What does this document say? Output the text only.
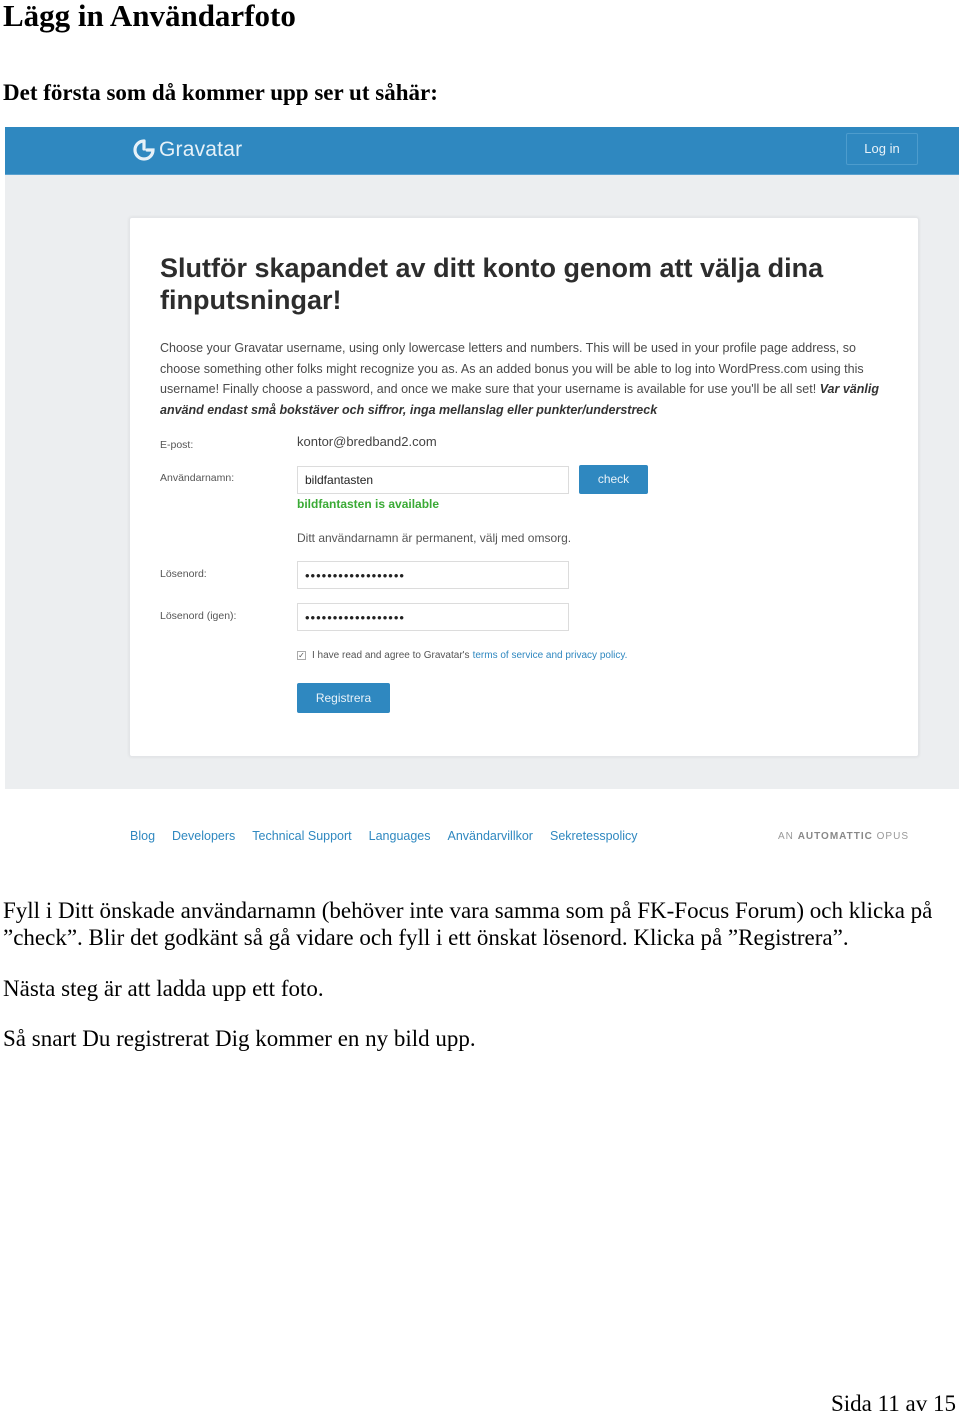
Lägg in Användarfoto

Det första som då kommer upp ser ut såhär:

Gravatar	Log in
Slutför skapandet av ditt konto genom att välja dina finputsningar!

Choose your Gravatar username, using only lowercase letters and numbers. This will be used in your profile page address, so choose something other folks might recognize you as. As an added bonus you will be able to log into WordPress.com using this username! Finally choose a password, and once we make sure that your username is available for use you'll be all set! Var vänlig använd endast små bokstäver och siffror, inga mellanslag eller punkter/understreck

E-post:	kontor@bredband2.com
Användarnamn:	bildfantasten	check
bildfantasten is available
Ditt användarnamn är permanent, välj med omsorg.
Lösenord:	••••••••••••••••••
Lösenord (igen):	••••••••••••••••••
✓ I have read and agree to Gravatar's terms of service and privacy policy.
Registrera
Blog Developers Technical Support Languages Användarvillkor Sekretesspolicy	AN AUTOMATTIC OPUS

Fyll i Ditt önskade användarnamn (behöver inte vara samma som på FK-Focus Forum) och klicka på ”check”. Blir det godkänt så gå vidare och fyll i ett önskat lösenord. Klicka på ”Registrera”.

Nästa steg är att ladda upp ett foto.

Så snart Du registrerat Dig kommer en ny bild upp.

Sida 11 av 15
